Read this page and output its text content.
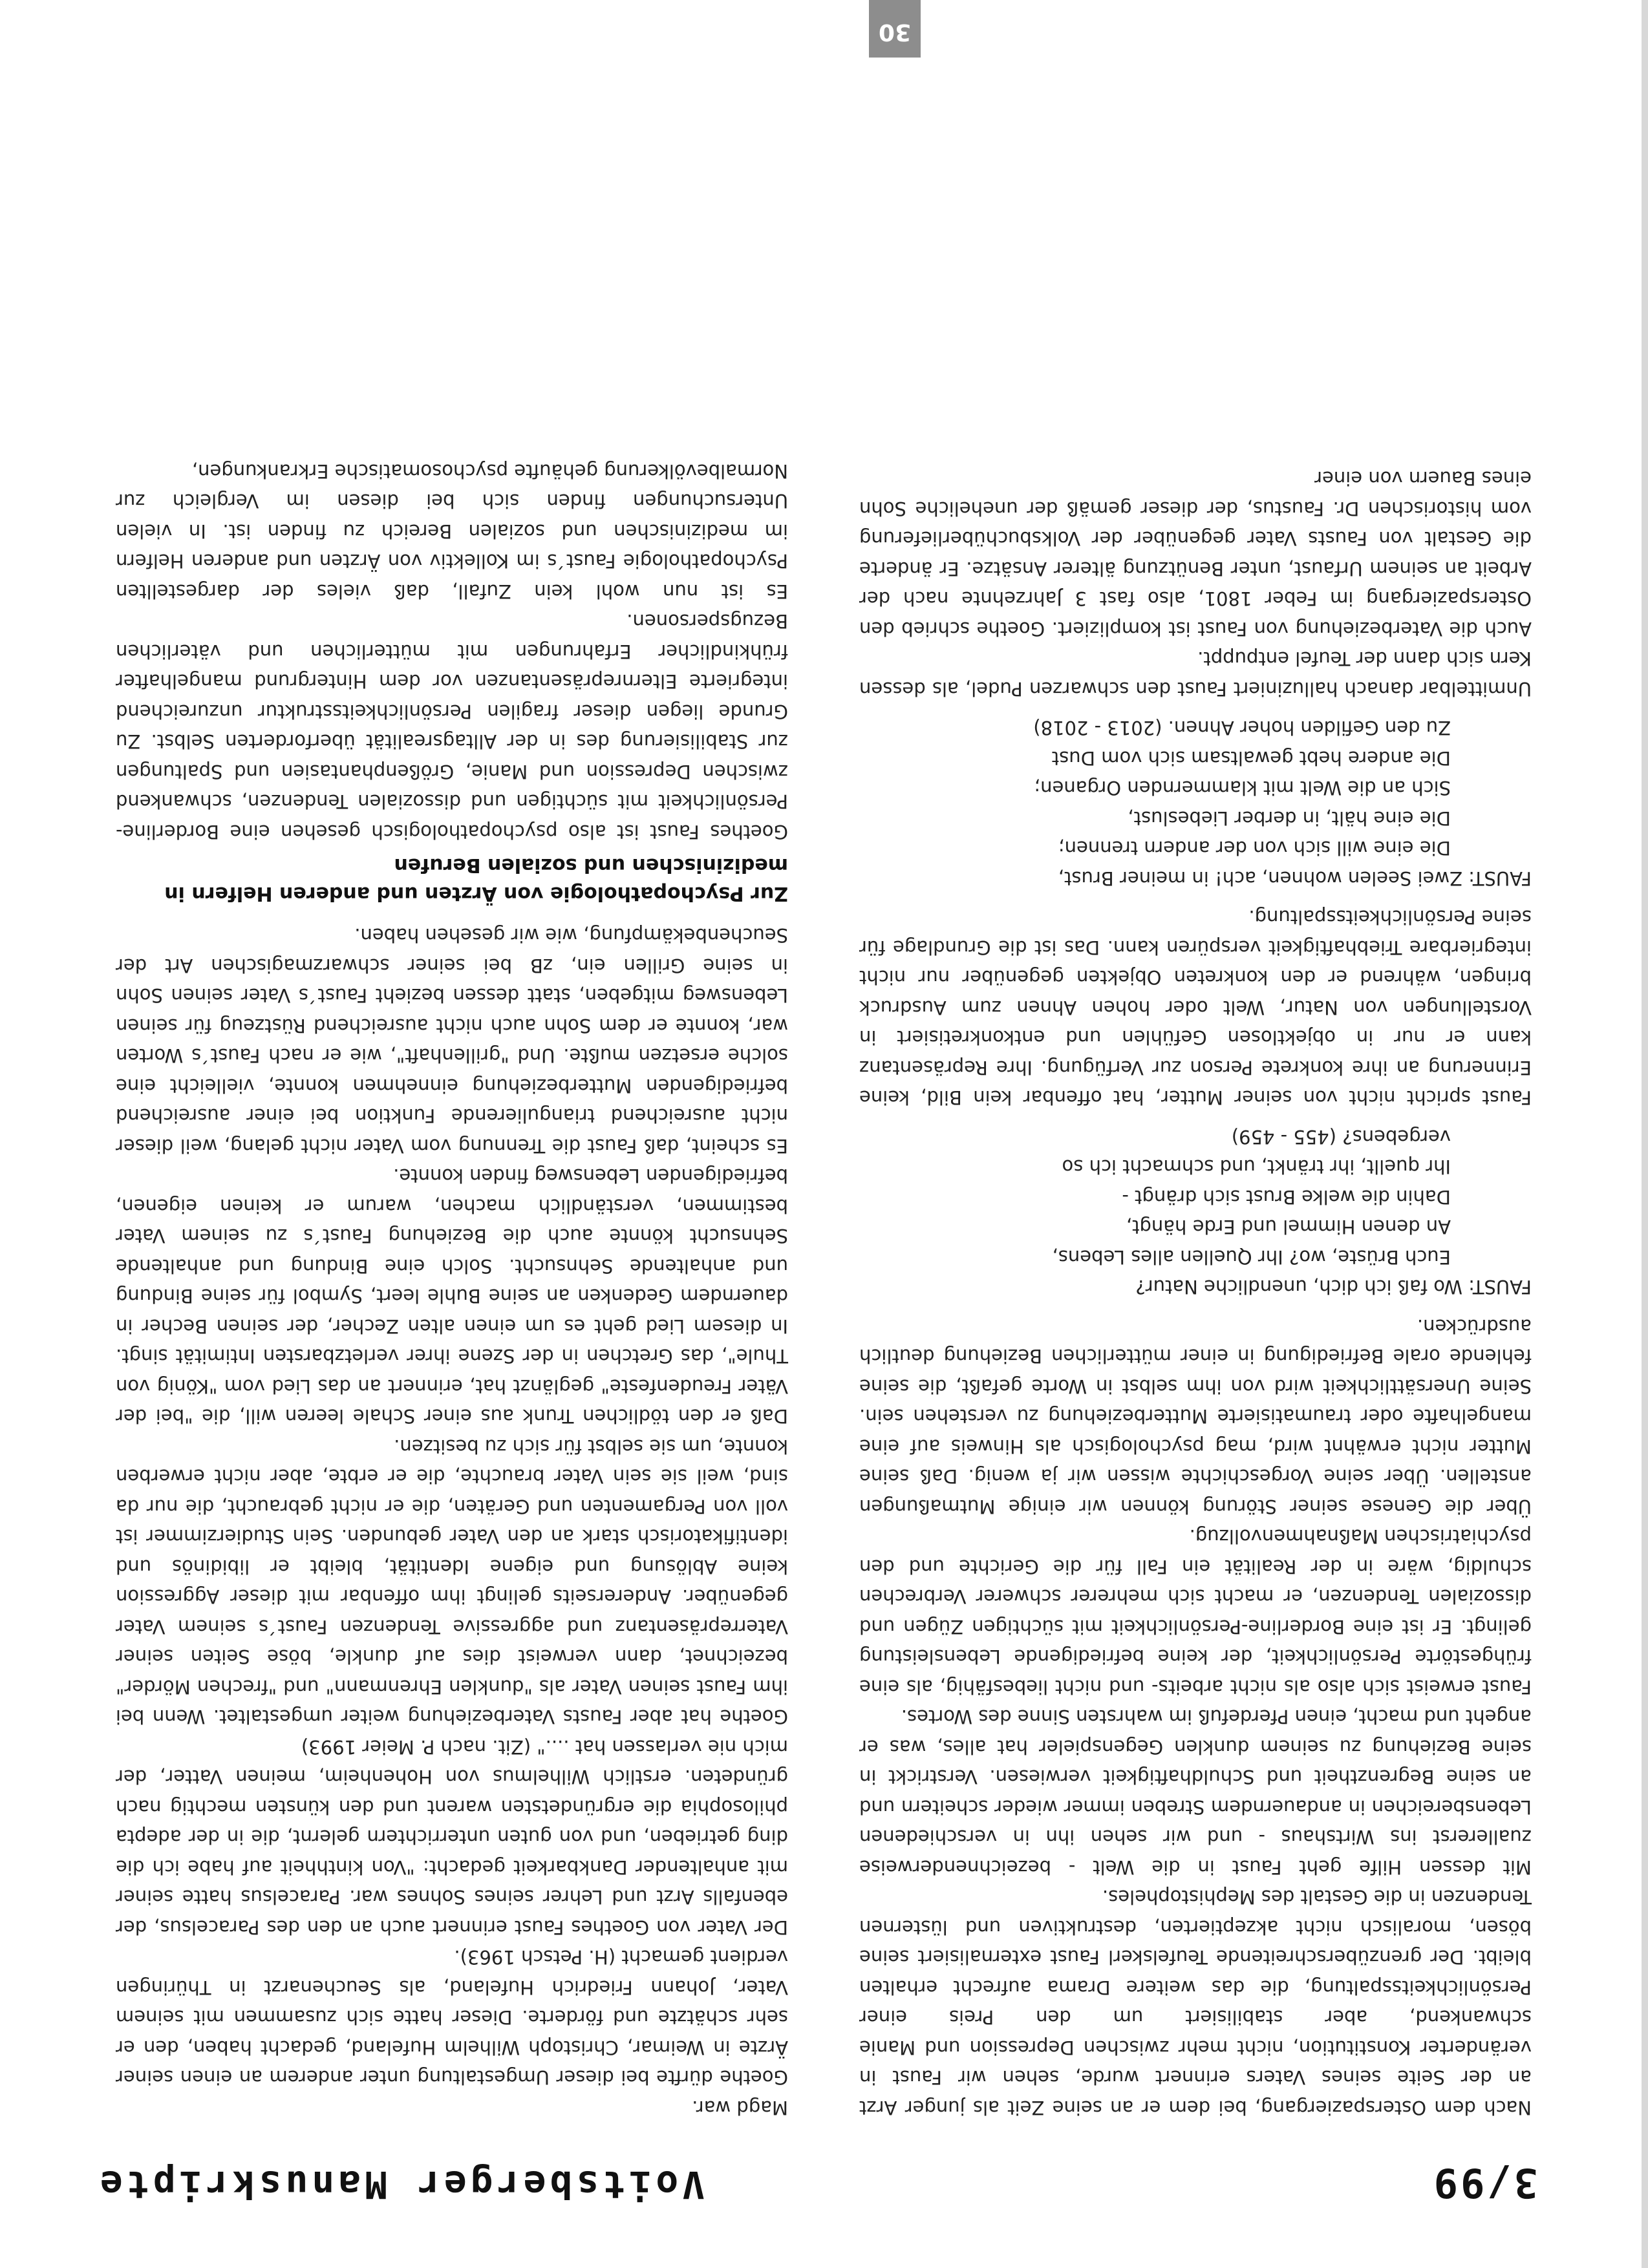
3/99
Voitsberger Manuskripte

Nach dem Osterspaziergang, bei dem er an seine Zeit als junger Arzt an der Seite seines Vaters erinnert wurde, sehen wir Faust in veränderter Konstitution, nicht mehr zwischen Depression und Manie schwankend, aber stabilisiert um den Preis einer Persönlichkeitsspaltung, die das weitere Drama aufrecht erhalten bleibt. Der grenzüberschreitende Teufelskerl Faust externalisiert seine bösen, moralisch nicht akzeptierten, destruktiven und lüsternen Tendenzen in die Gestalt des Mephistopheles.

Mit dessen Hilfe geht Faust in die Welt - bezeichnenderweise zuallererst ins Wirtshaus - und wir sehen ihn in verschiedenen Lebensbereichen in andauerndem Streben immer wieder scheitern und an seine Begrenztheit und Schuldhaftigkeit verwiesen. Verstrickt in seine Beziehung zu seinem dunklen Gegenspieler hat alles, was er angeht und macht, einen Pferdefuß im wahrsten Sinne des Wortes.

Faust erweist sich also als nicht arbeits- und nicht liebesfähig, als eine frühgestörte Persönlichkeit, der keine befriedigende Lebensleistung gelingt. Er ist eine Borderline-Persönlichkeit mit süchtigen Zügen und dissozialen Tendenzen, er macht sich mehrerer schwerer Verbrechen schuldig, wäre in der Realität ein Fall für die Gerichte und den psychiatrischen Maßnahmenvollzug.

Über die Genese seiner Störung können wir einige Mutmaßungen anstellen. Über seine Vorgeschichte wissen wir ja wenig. Daß seine Mutter nicht erwähnt wird, mag psychologisch als Hinweis auf eine mangelhafte oder traumatisierte Mutterbeziehung zu verstehen sein. Seine Unersättlichkeit wird von ihm selbst in Worte gefaßt, die seine fehlende orale Befriedigung in einer mütterlichen Beziehung deutlich ausdrücken.

FAUST: Wo faß ich dich, unendliche Natur?
Euch Brüste, wo? Ihr Quellen alles Lebens,
An denen Himmel und Erde hängt,
Dahin die welke Brust sich drängt -
Ihr quellt, ihr tränkt, und schmacht ich so
vergebens? (455 - 459)

Faust spricht nicht von seiner Mutter, hat offenbar kein Bild, keine Erinnerung an ihre konkrete Person zur Verfügung. Ihre Repräsentanz kann er nur in objektlosen Gefühlen und entkonkretisiert in Vorstellungen von Natur, Welt oder hohen Ahnen zum Ausdruck bringen, während er den konkreten Objekten gegenüber nur nicht integrierbare Triebhaftigkeit verspüren kann. Das ist die Grundlage für seine Persönlichkeitsspaltung.

FAUST: Zwei Seelen wohnen, ach! in meiner Brust,
Die eine will sich von der andern trennen;
Die eine hält, in derber Liebeslust,
Sich an die Welt mit klammernden Organen;
Die andere hebt gewaltsam sich vom Dust
Zu den Gefilden hoher Ahnen. (2013 - 2018)

Unmittelbar danach halluziniert Faust den schwarzen Pudel, als dessen Kern sich dann der Teufel entpuppt.

Auch die Vaterbeziehung von Faust ist kompliziert. Goethe schrieb den Osterspaziergang im Feber 1801, also fast 3 Jahrzehnte nach der Arbeit an seinem Urfaust, unter Benützung älterer Ansätze. Er änderte die Gestalt von Fausts Vater gegenüber der Volksbuchüberlieferung vom historischen Dr. Faustus, der dieser gemäß der uneheliche Sohn eines Bauern von einer

Magd war.

Goethe dürfte bei dieser Umgestaltung unter anderem an einen seiner Ärzte in Weimar, Christoph Wilhelm Hufeland, gedacht haben, den er sehr schätzte und förderte. Dieser hatte sich zusammen mit seinem Vater, Johann Friedrich Hufeland, als Seuchenarzt in Thüringen verdient gemacht (H. Petsch 1963).

Der Vater von Goethes Faust erinnert auch an den des Paracelsus, der ebenfalls Arzt und Lehrer seines Sohnes war. Paracelsus hatte seiner mit anhaltender Dankbarkeit gedacht: "Von kinthheit auf habe ich die ding getrieben, und von guten unterrichtern gelernt, die in der adepta philosophia die ergründetsten warent und den künsten mechtig nach gründeten. erstlich Wilhelmus von Hohenheim, meinen Vatter, der mich nie verlassen hat ...." (Zit. nach P. Meier 1993)

Goethe hat aber Fausts Vaterbeziehung weiter umgestaltet. Wenn bei ihm Faust seinen Vater als "dunklen Ehrenmann" und "frechen Mörder" bezeichnet, dann verweist dies auf dunkle, böse Seiten seiner Vaterrepräsentanz und aggressive Tendenzen Faust´s seinem Vater gegenüber. Andererseits gelingt ihm offenbar mit dieser Aggression keine Ablösung und eigene Identität, bleibt er libidinös und identifikatorisch stark an den Vater gebunden. Sein Studierzimmer ist voll von Pergamenten und Geräten, die er nicht gebraucht, die nur da sind, weil sie sein Vater brauchte, die er erbte, aber nicht erwerben konnte, um sie selbst für sich zu besitzen.

Daß er den tödlichen Trunk aus einer Schale leeren will, die "bei der Väter Freudenfeste" geglänzt hat, erinnert an das Lied vom "König von Thule", das Gretchen in der Szene ihrer verletzbarsten Intimität singt. In diesem Lied geht es um einen alten Zecher, der seinen Becher in dauerndem Gedenken an seine Buhle leert, Symbol für seine Bindung und anhaltende Sehnsucht. Solch eine Bindung und anhaltende Sehnsucht könnte auch die Beziehung Faust´s zu seinem Vater bestimmen, verständlich machen, warum er keinen eigenen, befriedigenden Lebensweg finden konnte.

Es scheint, daß Faust die Trennung vom Vater nicht gelang, weil dieser nicht ausreichend triangulierende Funktion bei einer ausreichend befriedigenden Mutterbeziehung einnehmen konnte, vielleicht eine solche ersetzen mußte. Und "grillenhaft", wie er nach Faust´s Worten war, konnte er dem Sohn auch nicht ausreichend Rüstzeug für seinen Lebensweg mitgeben, statt dessen bezieht Faust´s Vater seinen Sohn in seine Grillen ein, zB bei seiner schwarzmagischen Art der Seuchenbekämpfung, wie wir gesehen haben.

Zur Psychopathologie von Ärzten und anderen Helfern in medizinischen und sozialen Berufen

Goethes Faust ist also psychopathologisch gesehen eine Borderline-Persönlichkeit mit süchtigen und dissozialen Tendenzen, schwankend zwischen Depression und Manie, Größenphantasien und Spaltungen zur Stabilisierung des in der Alltagsrealität überforderten Selbst. Zu Grunde liegen dieser fragilen Persönlichkeitsstruktur unzureichend integrierte Elternrepräsentanzen vor dem Hintergrund mangelhafter frühkindlicher Erfahrungen mit mütterlichen und väterlichen Bezugspersonen.

Es ist nun wohl kein Zufall, daß vieles der dargestellten Psychopathologie Faust´s im Kollektiv von Ärzten und anderen Helfern im medizinischen und sozialen Bereich zu finden ist. In vielen Untersuchungen finden sich bei diesen im Vergleich zur Normalbevölkerung gehäufte psychosomatische Erkrankungen,

30
